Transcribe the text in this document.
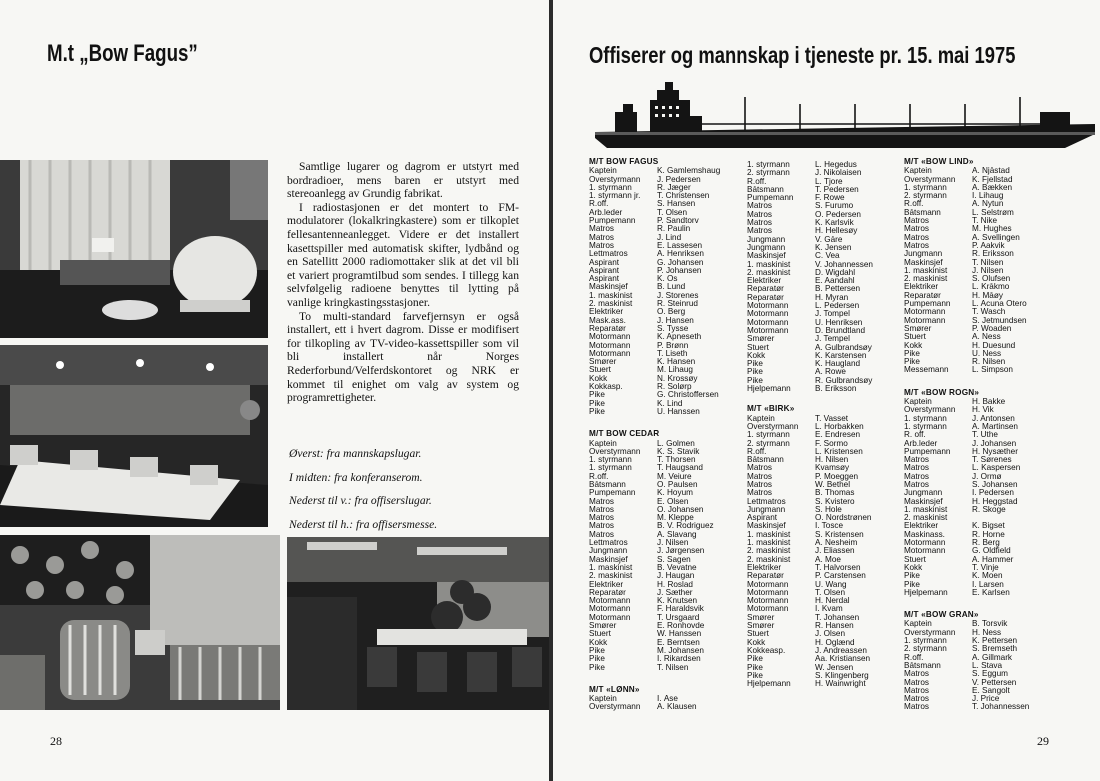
M.t „Bow Fagus”

Samtlige lugarer og dagrom er utstyrt med bordradioer, mens baren er utstyrt med stereoanlegg av Grundig fabrikat.

I radiostasjonen er det montert to FM-modulatorer (lokalkringkastere) som er tilkoplet fellesantenneanlegget. Videre er det installert kasettspiller med automatisk skifter, lydbånd og en Satellitt 2000 radiomottaker slik at det vil bli et variert programtilbud som sendes. I tillegg kan selvfølgelig radioene benyttes til lytting på vanlige kringkastingsstasjoner.

To multi-standard farvefjernsyn er også installert, ett i hvert dagrom. Disse er modifisert for tilkopling av TV-video-kassettspiller som vil bli installert når Norges Rederforbund/Velferdskontoret og NRK er kommet til enighet om valg av system og programrettigheter.

Øverst: fra mannskapslugar.

I midten: fra konferanserom.

Nederst til v.: fra offiserslugar.

Nederst til h.: fra offisersmesse.

28
Offiserer og mannskap i tjeneste pr. 15. mai 1975
M/T BOW FAGUS
Kaptein	K. Gamlemshaug
Overstyrmann	J. Pedersen
1. styrmann	R. Jæger
1. styrmann jr.	T. Christensen
R.off.	S. Hansen
Arb.leder	T. Olsen
Pumpemann	P. Sandtorv
Matros	R. Paulin
Matros	J. Lind
Matros	E. Lassesen
Lettmatros	A. Henriksen
Aspirant	G. Johansen
Aspirant	P. Johansen
Aspirant	K. Os
Maskinsjef	B. Lund
1. maskinist	J. Storenes
2. maskinist	R. Steinrud
Elektriker	O. Berg
Mask.ass.	J. Hansen
Reparatør	S. Tysse
Motormann	K. Apneseth
Motormann	P. Brønn
Motormann	T. Liseth
Smører	K. Hansen
Stuert	M. Lihaug
Kokk	N. Krossøy
Kokkasp.	R. Solørp
Pike	G. Christoffersen
Pike	K. Lind
Pike	U. Hanssen
M/T BOW CEDAR
Kaptein	L. Golmen
Overstyrmann	K. S. Stavik
1. styrmann	T. Thorsen
1. styrmann	T. Haugsand
R.off.	M. Veiure
Båtsmann	O. Paulsen
Pumpemann	K. Hoyum
Matros	E. Olsen
Matros	O. Johansen
Matros	M. Kleppe
Matros	B. V. Rodriguez
Matros	A. Slavang
Lettmatros	J. Nilsen
Jungmann	J. Jørgensen
Maskinsjef	S. Sagen
1. maskinist	B. Vevatne
2. maskinist	J. Haugan
Elektriker	H. Roslad
Reparatør	J. Sæther
Motormann	K. Knutsen
Motormann	F. Haraldsvik
Motormann	T. Ursgaard
Smører	E. Ronhovde
Stuert	W. Hanssen
Kokk	E. Berntsen
Pike	M. Johansen
Pike	I. Rikardsen
Pike	T. Nilsen
M/T «LØNN»
Kaptein	I. Åse
Overstyrmann	A. Klausen
1. styrmann	L. Hegedus
2. styrmann	J. Nikolaisen
R.off.	L. Tjore
Båtsmann	T. Pedersen
Pumpemann	F. Rowe
Matros	S. Furumo
Matros	O. Pedersen
Matros	K. Karlsvik
Matros	H. Hellesøy
Jungmann	V. Gåre
Jungmann	K. Jensen
Maskinsjef	C. Vea
1. maskinist	V. Johannessen
2. maskinist	D. Wigdahl
Elektriker	E. Aandahl
Reparatør	B. Pettersen
Reparatør	H. Myran
Motormann	L. Pedersen
Motormann	J. Tompel
Motormann	U. Henriksen
Motormann	D. Brundtland
Smører	J. Tempel
Stuert	A. Gulbrandsøy
Kokk	K. Karstensen
Pike	K. Haugland
Pike	A. Rowe
Pike	R. Gulbrandsøy
Hjelpemann	B. Eriksson
M/T «BIRK»
Kaptein	T. Vasset
Overstyrmann	L. Horbakken
1. styrmann	E. Endresen
2. styrmann	F. Sormo
R.off.	L. Kristensen
Båtsmann	H. Nilsen
Matros	Kvamsøy
Matros	P. Moeggen
Matros	W. Bethel
Matros	B. Thomas
Lettmatros	S. Kvistero
Jungmann	S. Hole
Aspirant	O. Nordstrønen
Maskinsjef	I. Tosce
1. maskinist	S. Kristensen
1. maskinist	A. Nesheim
2. maskinist	J. Eliassen
2. maskinist	A. Moe
Elektriker	T. Halvorsen
Reparatør	P. Carstensen
Motormann	U. Wang
Motormann	T. Olsen
Motormann	H. Nerdal
Motormann	I. Kvam
Smører	T. Johansen
Smører	R. Hansen
Stuert	J. Olsen
Kokk	H. Oglænd
Kokkeasp.	J. Andreassen
Pike	Aa. Kristiansen
Pike	W. Jensen
Pike	S. Klingenberg
Hjelpemann	H. Wainwright
M/T «BOW LIND»
Kaptein	A. Njåstad
Overstyrmann	K. Fjellstad
1. styrmann	A. Bækken
2. styrmann	I. Lihaug
R.off.	A. Nytun
Båtsmann	L. Selstrøm
Matros	T. Nike
Matros	M. Hughes
Matros	A. Svellingen
Matros	P. Aakvik
Jungmann	R. Eriksson
Maskinsjef	T. Nilsen
1. maskinist	J. Nilsen
2. maskinist	S. Olufsen
Elektriker	L. Kråkmo
Reparatør	H. Måøy
Pumpemann	L. Acuna Otero
Motormann	T. Wasch
Motormann	S. Jetmundsen
Smører	P. Woaden
Stuert	A. Ness
Kokk	H. Duesund
Pike	U. Ness
Pike	R. Nilsen
Messemann	L. Simpson
M/T «BOW ROGN»
Kaptein	H. Bakke
Overstyrmann	H. Vik
1. styrmann	J. Antonsen
1. styrmann	A. Martinsen
R. off.	T. Uthe
Arb.leder	J. Johansen
Pumpemann	H. Nysæther
Matros	T. Sørenes
Matros	L. Kaspersen
Matros	J. Ormø
Matros	S. Johansen
Jungmann	I. Pedersen
Maskinsjef	H. Heggstad
1. maskinist	R. Skoge
2. maskinist
Elektriker	K. Bigset
Maskinass.	R. Horne
Motormann	R. Berg
Motormann	G. Oldfield
Stuert	A. Hammer
Kokk	T. Vinje
Pike	K. Moen
Pike	I. Larsen
Hjelpemann	E. Karlsen
M/T «BOW GRAN»
Kaptein	B. Torsvik
Overstyrmann	H. Ness
1. styrmann	K. Pettersen
2. styrmann	S. Bremseth
R.off.	A. Gillmark
Båtsmann	L. Stava
Matros	S. Eggum
Matros	V. Pettersen
Matros	E. Sangolt
Matros	J. Price
Matros	T. Johannessen
29
